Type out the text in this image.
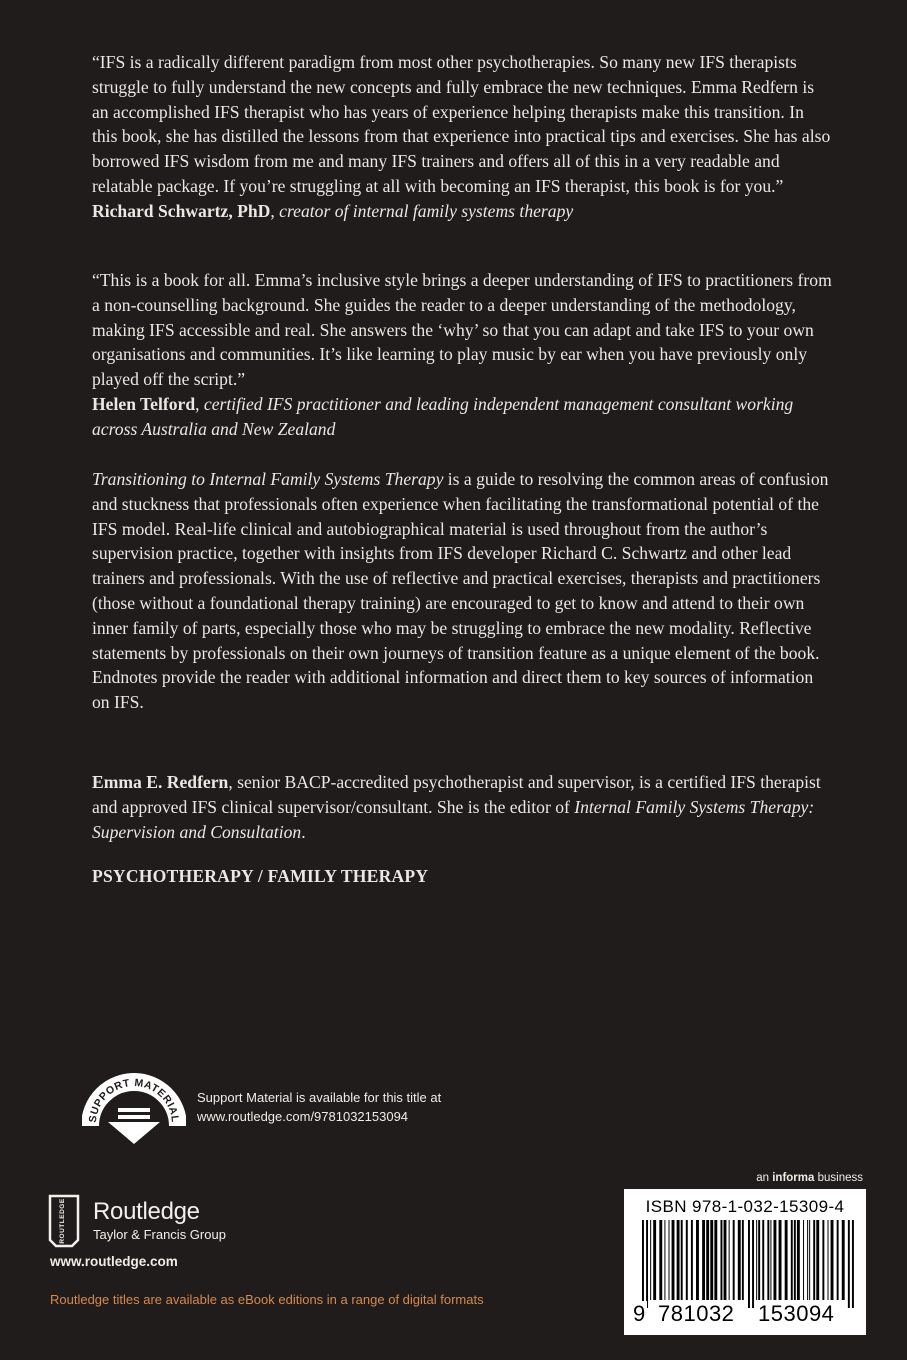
“IFS is a radically different paradigm from most other psychotherapies. So many new IFS therapists struggle to fully understand the new concepts and fully embrace the new techniques. Emma Redfern is an accomplished IFS therapist who has years of experience helping therapists make this transition. In this book, she has distilled the lessons from that experience into practical tips and exercises. She has also borrowed IFS wisdom from me and many IFS trainers and offers all of this in a very readable and relatable package. If you’re struggling at all with becoming an IFS therapist, this book is for you.”

Richard Schwartz, PhD, creator of internal family systems therapy

“This is a book for all. Emma’s inclusive style brings a deeper understanding of IFS to practitioners from a non-counselling background. She guides the reader to a deeper understanding of the methodology, making IFS accessible and real. She answers the ‘why’ so that you can adapt and take IFS to your own organisations and communities. It’s like learning to play music by ear when you have previously only played off the script.”

Helen Telford, certified IFS practitioner and leading independent management consultant working across Australia and New Zealand

Transitioning to Internal Family Systems Therapy is a guide to resolving the common areas of confusion and stuckness that professionals often experience when facilitating the transformational potential of the IFS model. Real-life clinical and autobiographical material is used throughout from the author’s supervision practice, together with insights from IFS developer Richard C. Schwartz and other lead trainers and professionals. With the use of reflective and practical exercises, therapists and practitioners (those without a foundational therapy training) are encouraged to get to know and attend to their own inner family of parts, especially those who may be struggling to embrace the new modality. Reflective statements by professionals on their own journeys of transition feature as a unique element of the book. Endnotes provide the reader with additional information and direct them to key sources of information on IFS.

Emma E. Redfern, senior BACP-accredited psychotherapist and supervisor, is a certified IFS therapist and approved IFS clinical supervisor/consultant. She is the editor of Internal Family Systems Therapy: Supervision and Consultation.

PSYCHOTHERAPY / FAMILY THERAPY
SUPPORT MATERIAL
Support Material is available for this title at
www.routledge.com/9781032153094
ROUTLEDGE Routledge
Taylor & Francis Group
www.routledge.com
Routledge titles are available as eBook editions in a range of digital formats
an informa business
ISBN 978-1-032-15309-4
9 781032 153094
